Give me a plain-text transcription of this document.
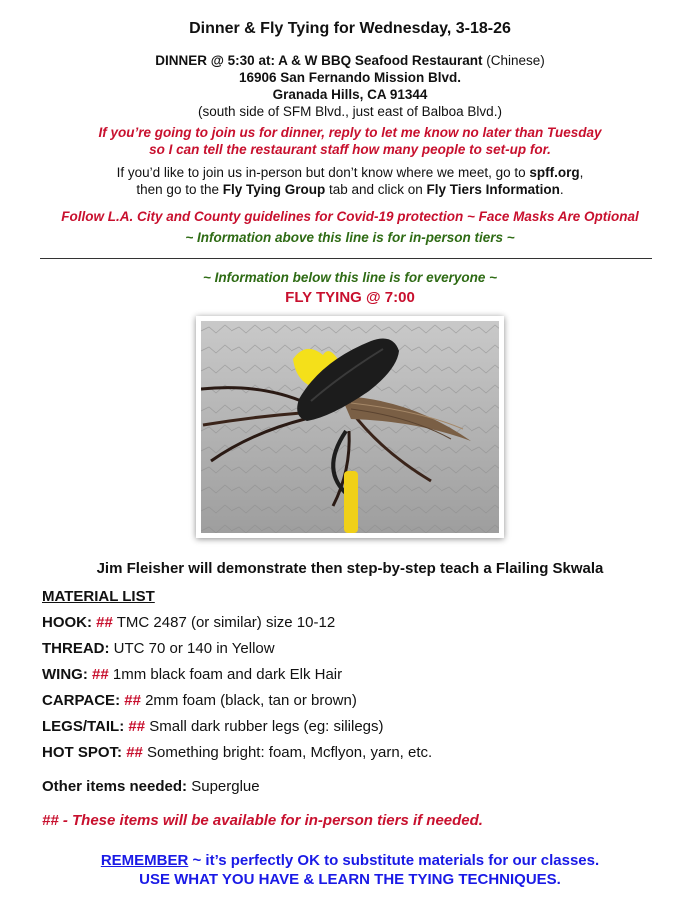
Dinner & Fly Tying for Wednesday, 3-18-26
DINNER @ 5:30 at: A & W BBQ Seafood Restaurant (Chinese)
16906 San Fernando Mission Blvd.
Granada Hills, CA 91344
(south side of SFM Blvd., just east of Balboa Blvd.)
If you’re going to join us for dinner, reply to let me know no later than Tuesday
so I can tell the restaurant staff how many people to set-up for.
If you’d like to join us in-person but don’t know where we meet, go to spff.org,
then go to the Fly Tying Group tab and click on Fly Tiers Information.
Follow L.A. City and County guidelines for Covid-19 protection ~ Face Masks Are Optional
~ Information above this line is for in-person tiers ~
~ Information below this line is for everyone ~
FLY TYING @ 7:00
Jim Fleisher will demonstrate then step-by-step teach a Flailing Skwala
MATERIAL LIST
HOOK: ## TMC 2487 (or similar) size 10-12
THREAD: UTC 70 or 140 in Yellow
WING: ## 1mm black foam and dark Elk Hair
CARPACE: ## 2mm foam (black, tan or brown)
LEGS/TAIL: ## Small dark rubber legs (eg: sililegs)
HOT SPOT: ## Something bright: foam, Mcflyon, yarn, etc.
Other items needed: Superglue
## - These items will be available for in-person tiers if needed.
REMEMBER ~ it’s perfectly OK to substitute materials for our classes.
USE WHAT YOU HAVE & LEARN THE TYING TECHNIQUES.
